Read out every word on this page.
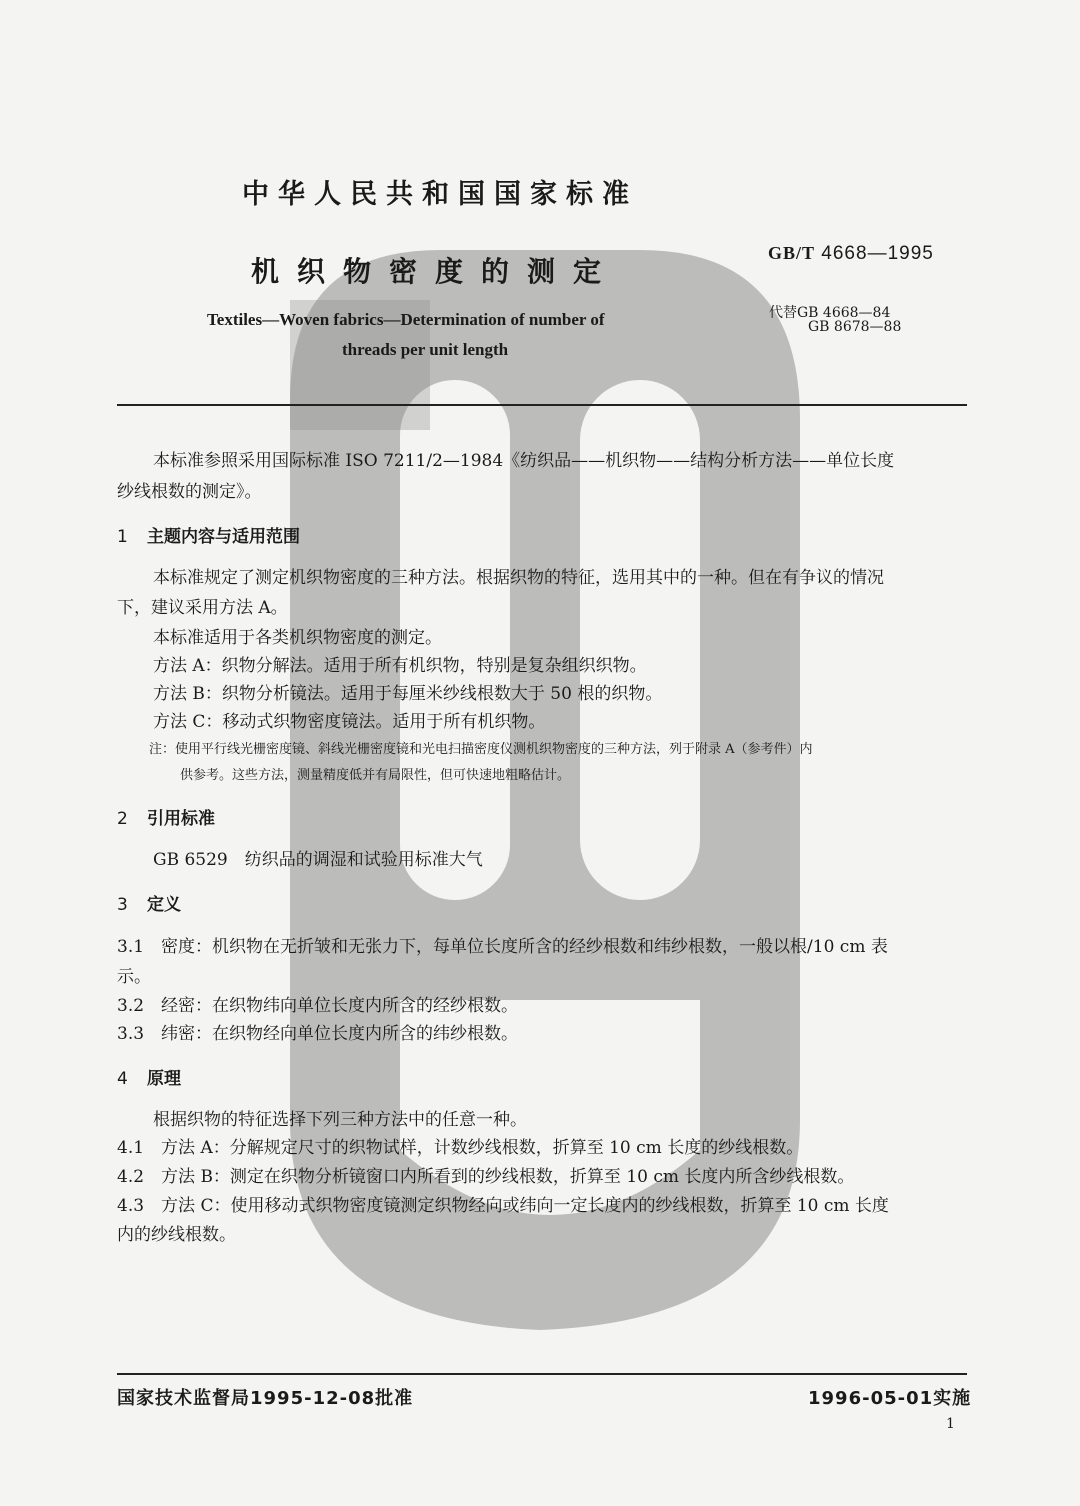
中华人民共和国国家标准
机织物密度的测定
GB/T 4668—1995
Textiles—Woven fabrics—Determination of number of
threads per unit length
代替GB 4668—84
GB 8678—88
本标准参照采用国际标准 ISO 7211/2—1984《纺织品——机织物——结构分析方法——单位长度
纱线根数的测定》。
1 主题内容与适用范围
本标准规定了测定机织物密度的三种方法。根据织物的特征，选用其中的一种。但在有争议的情况
下，建议采用方法 A。
本标准适用于各类机织物密度的测定。
方法 A：织物分解法。适用于所有机织物，特别是复杂组织织物。
方法 B：织物分析镜法。适用于每厘米纱线根数大于 50 根的织物。
方法 C：移动式织物密度镜法。适用于所有机织物。
注：使用平行线光栅密度镜、斜线光栅密度镜和光电扫描密度仪测机织物密度的三种方法，列于附录 A（参考件）内
供参考。这些方法，测量精度低并有局限性，但可快速地粗略估计。
2 引用标准
GB 6529　纺织品的调湿和试验用标准大气
3 定义
3.1　密度：机织物在无折皱和无张力下，每单位长度所含的经纱根数和纬纱根数，一般以根/10 cm 表
示。
3.2　经密：在织物纬向单位长度内所含的经纱根数。
3.3　纬密：在织物经向单位长度内所含的纬纱根数。
4 原理
根据织物的特征选择下列三种方法中的任意一种。
4.1　方法 A：分解规定尺寸的织物试样，计数纱线根数，折算至 10 cm 长度的纱线根数。
4.2　方法 B：测定在织物分析镜窗口内所看到的纱线根数，折算至 10 cm 长度内所含纱线根数。
4.3　方法 C：使用移动式织物密度镜测定织物经向或纬向一定长度内的纱线根数，折算至 10 cm 长度
内的纱线根数。
国家技术监督局1995-12-08批准	1996-05-01实施
1
